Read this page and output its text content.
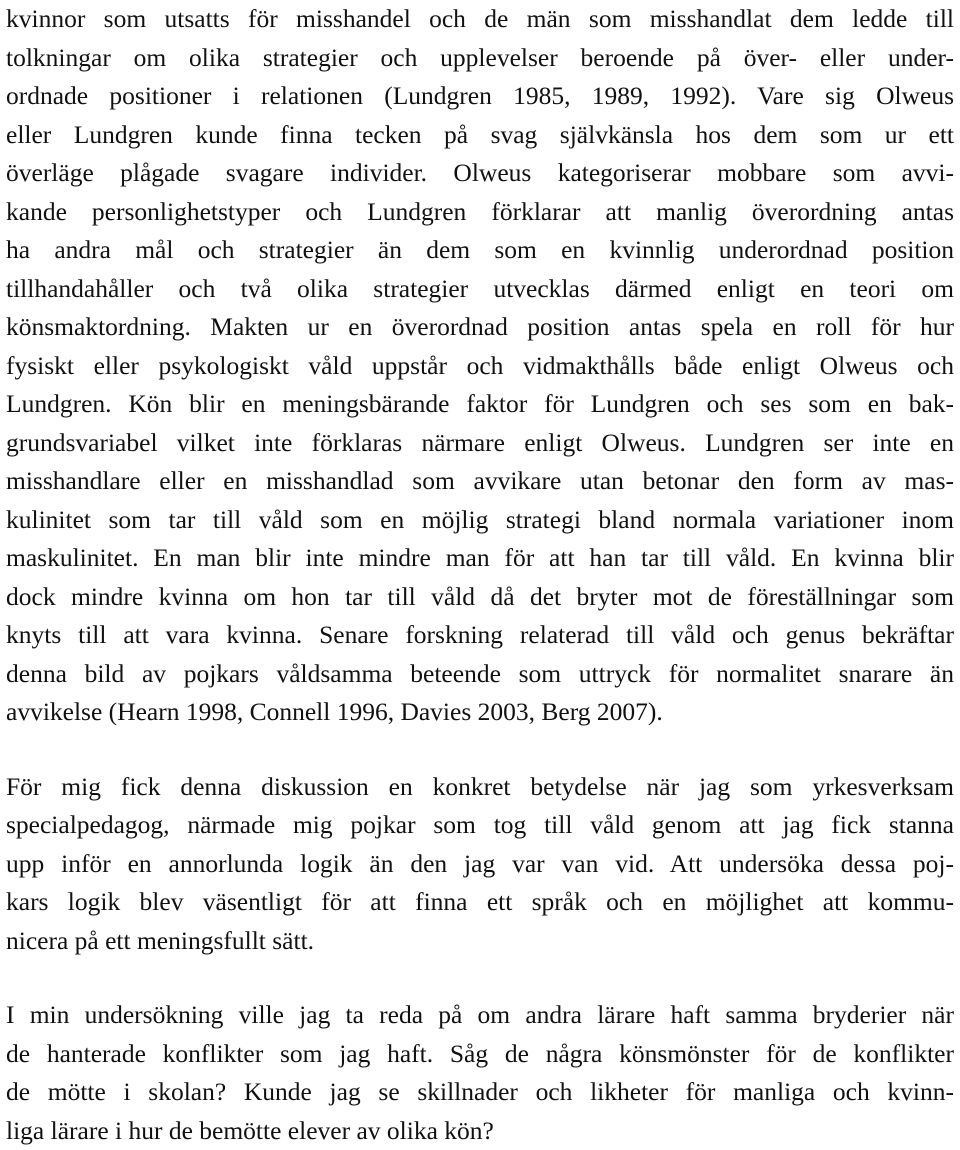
kvinnor som utsatts för misshandel och de män som misshandlat dem ledde till
tolkningar om olika strategier och upplevelser beroende på över- eller under-
ordnade positioner i relationen (Lundgren 1985, 1989, 1992). Vare sig Olweus
eller Lundgren kunde finna tecken på svag självkänsla hos dem som ur ett
överläge plågade svagare individer. Olweus kategoriserar mobbare som avvi-
kande personlighetstyper och Lundgren förklarar att manlig överordning antas
ha andra mål och strategier än dem som en kvinnlig underordnad position
tillhandahåller och två olika strategier utvecklas därmed enligt en teori om
könsmaktordning. Makten ur en överordnad position antas spela en roll för hur
fysiskt eller psykologiskt våld uppstår och vidmakthålls både enligt Olweus och
Lundgren. Kön blir en meningsbärande faktor för Lundgren och ses som en bak-
grundsvariabel vilket inte förklaras närmare enligt Olweus. Lundgren ser inte en
misshandlare eller en misshandlad som avvikare utan betonar den form av mas-
kulinitet som tar till våld som en möjlig strategi bland normala variationer inom
maskulinitet. En man blir inte mindre man för att han tar till våld. En kvinna blir
dock mindre kvinna om hon tar till våld då det bryter mot de föreställningar som
knyts till att vara kvinna. Senare forskning relaterad till våld och genus bekräftar
denna bild av pojkars våldsamma beteende som uttryck för normalitet snarare än
avvikelse (Hearn 1998, Connell 1996, Davies 2003, Berg 2007).
För mig fick denna diskussion en konkret betydelse när jag som yrkesverksam
specialpedagog, närmade mig pojkar som tog till våld genom att jag fick stanna
upp inför en annorlunda logik än den jag var van vid. Att undersöka dessa poj-
kars logik blev väsentligt för att finna ett språk och en möjlighet att kommu-
nicera på ett meningsfullt sätt.
I min undersökning ville jag ta reda på om andra lärare haft samma bryderier när
de hanterade konflikter som jag haft. Såg de några könsmönster för de konflikter
de mötte i skolan? Kunde jag se skillnader och likheter för manliga och kvinn-
liga lärare i hur de bemötte elever av olika kön?
